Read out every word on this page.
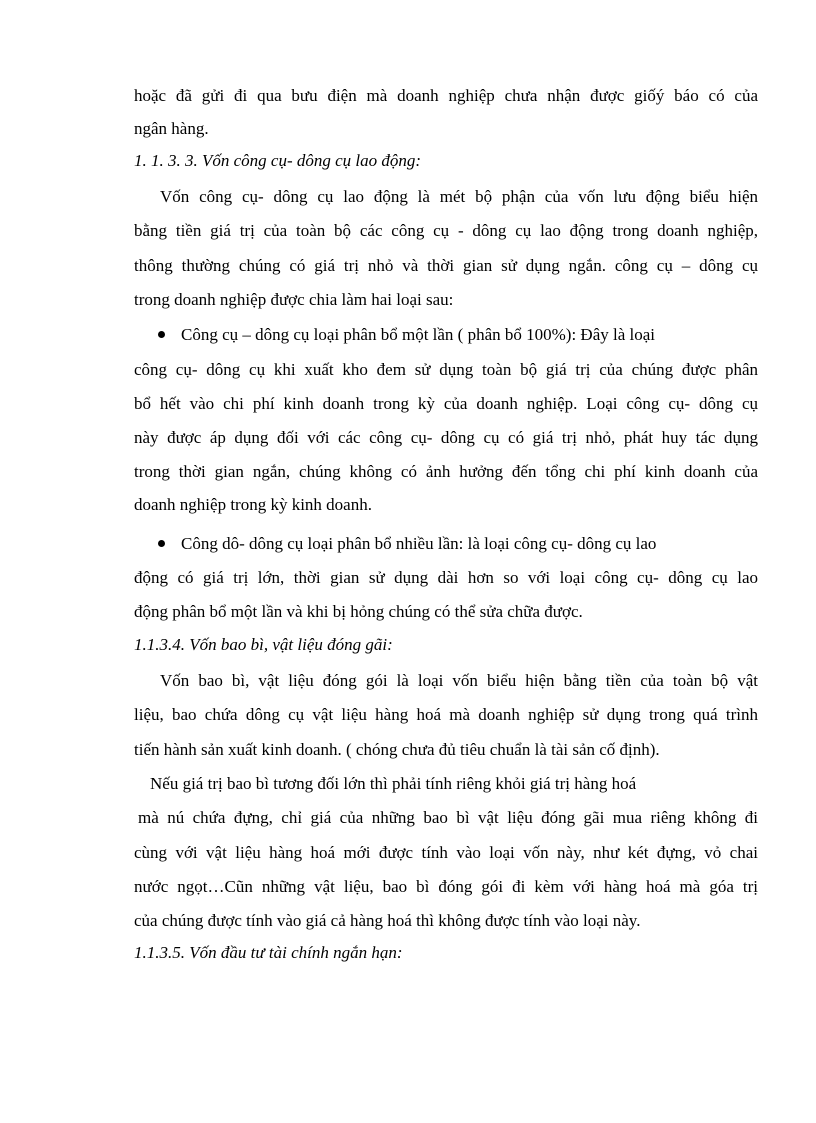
hoặc đã gửi đi qua bưu điện mà doanh nghiệp chưa nhận được giốý báo có của
ngân hàng.
1. 1. 3. 3. Vốn công cụ- dông cụ lao động:
Vốn công cụ- dông cụ lao động là mét bộ phận của vốn lưu động biểu hiện
bằng tiền giá trị của toàn bộ các công cụ - dông cụ lao động trong doanh nghiệp,
thông thường chúng có giá trị nhỏ và thời gian sử dụng ngắn. công cụ – dông cụ
trong doanh nghiệp được chia làm hai loại sau:
Công cụ – dông cụ loại phân bổ một lần ( phân bổ 100%): Đây là loại
công cụ- dông cụ khi xuất kho đem sử dụng toàn bộ giá trị của chúng được phân
bổ hết vào chi phí kinh doanh trong kỳ của doanh nghiệp. Loại công cụ- dông cụ
này được áp dụng đối với các công cụ- dông cụ có giá trị nhỏ, phát huy tác dụng
trong thời gian ngắn, chúng không có ảnh hưởng đến tổng chi phí kinh doanh của
doanh nghiệp trong kỳ kinh doanh.
Công dô- dông cụ loại phân bổ nhiều lần: là loại công cụ- dông cụ lao
động có giá trị lớn, thời gian sử dụng dài hơn so với loại công cụ- dông cụ lao
động phân bổ một lần và khi bị hỏng chúng có thể sửa chữa được.
1.1.3.4. Vốn bao bì, vật liệu đóng gãi:
Vốn bao bì, vật liệu đóng gói là loại vốn biểu hiện bằng tiền của toàn bộ vật
liệu, bao chứa dông cụ vật liệu hàng hoá mà doanh nghiệp sử dụng trong quá trình
tiến hành sản xuất kinh doanh. ( chóng chưa đủ tiêu chuẩn là tài sản cố định).
Nếu giá trị bao bì tương đối lớn thì phải tính riêng khỏi giá trị hàng hoá
mà nú chứa đựng, chỉ giá của những bao bì vật liệu đóng gãi mua riêng không đi
cùng với vật liệu hàng hoá mới được tính vào loại vốn này, như két đựng, vỏ chai
nước ngọt…Cũn những vật liệu, bao bì đóng gói đi kèm với hàng hoá mà góa trị
của chúng được tính vào giá cả hàng hoá thì không được tính vào loại này.
1.1.3.5. Vốn đầu tư tài chính ngắn hạn:
